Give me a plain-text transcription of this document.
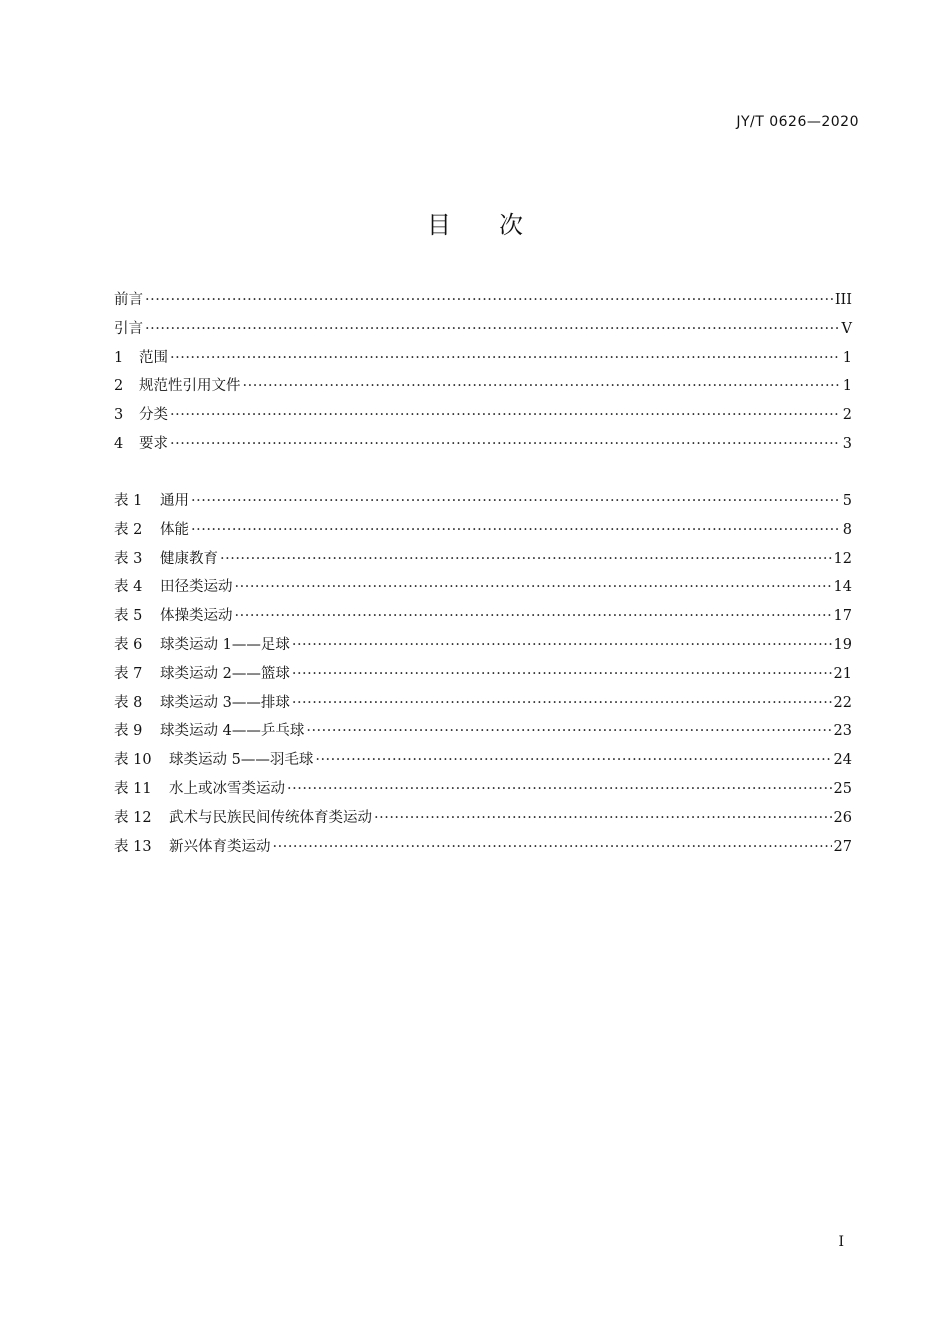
JY/T 0626—2020
目 次
前言 ·····	III
引言 ·····	V
1	范围 ·····	1
2	规范性引用文件 ·····	1
3	分类 ·····	2
4	要求 ·····	3
表 1	通用 ·····	5
表 2	体能 ·····	8
表 3	健康教育 ·····	12
表 4	田径类运动 ·····	14
表 5	体操类运动 ·····	17
表 6	球类运动 1——足球 ·····	19
表 7	球类运动 2——篮球 ·····	21
表 8	球类运动 3——排球 ·····	22
表 9	球类运动 4——乒乓球 ·····	23
表 10	球类运动 5——羽毛球 ·····	24
表 11	水上或冰雪类运动 ·····	25
表 12	武术与民族民间传统体育类运动 ·····	26
表 13	新兴体育类运动 ·····	27
I
